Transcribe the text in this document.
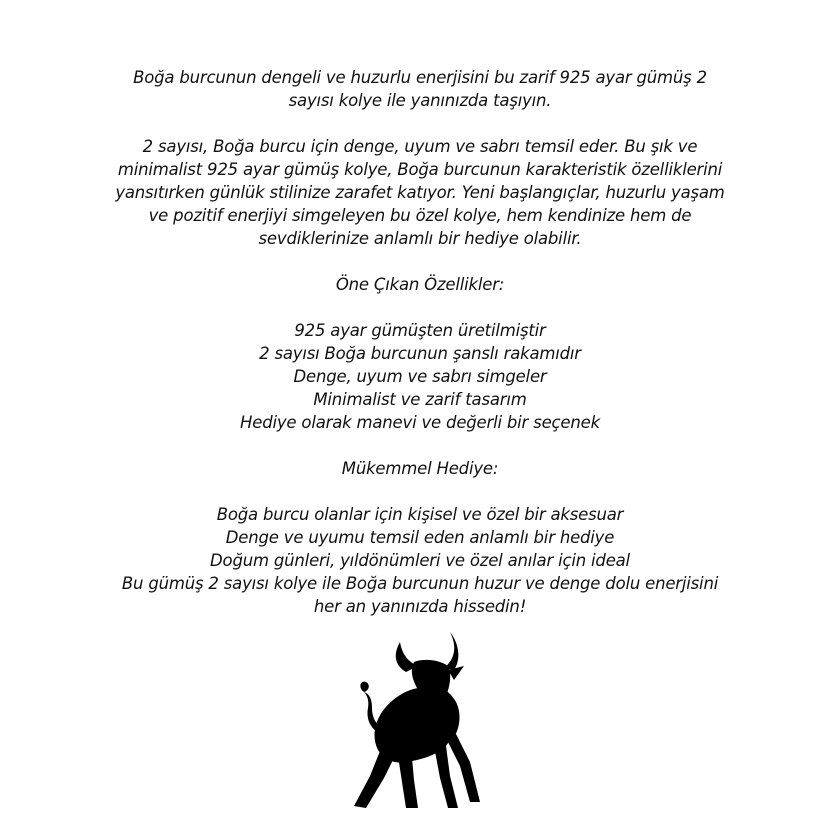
Boğa burcunun dengeli ve huzurlu enerjisini bu zarif 925 ayar gümüş 2

sayısı kolye ile yanınızda taşıyın.

2 sayısı, Boğa burcu için denge, uyum ve sabrı temsil eder. Bu şık ve

minimalist 925 ayar gümüş kolye, Boğa burcunun karakteristik özelliklerini

yansıtırken günlük stilinize zarafet katıyor. Yeni başlangıçlar, huzurlu yaşam

ve pozitif enerjiyi simgeleyen bu özel kolye, hem kendinize hem de

sevdiklerinize anlamlı bir hediye olabilir.

Öne Çıkan Özellikler:

925 ayar gümüşten üretilmiştir

2 sayısı Boğa burcunun şanslı rakamıdır

Denge, uyum ve sabrı simgeler

Minimalist ve zarif tasarım

Hediye olarak manevi ve değerli bir seçenek

Mükemmel Hediye:

Boğa burcu olanlar için kişisel ve özel bir aksesuar

Denge ve uyumu temsil eden anlamlı bir hediye

Doğum günleri, yıldönümleri ve özel anılar için ideal

Bu gümüş 2 sayısı kolye ile Boğa burcunun huzur ve denge dolu enerjisini

her an yanınızda hissedin!
